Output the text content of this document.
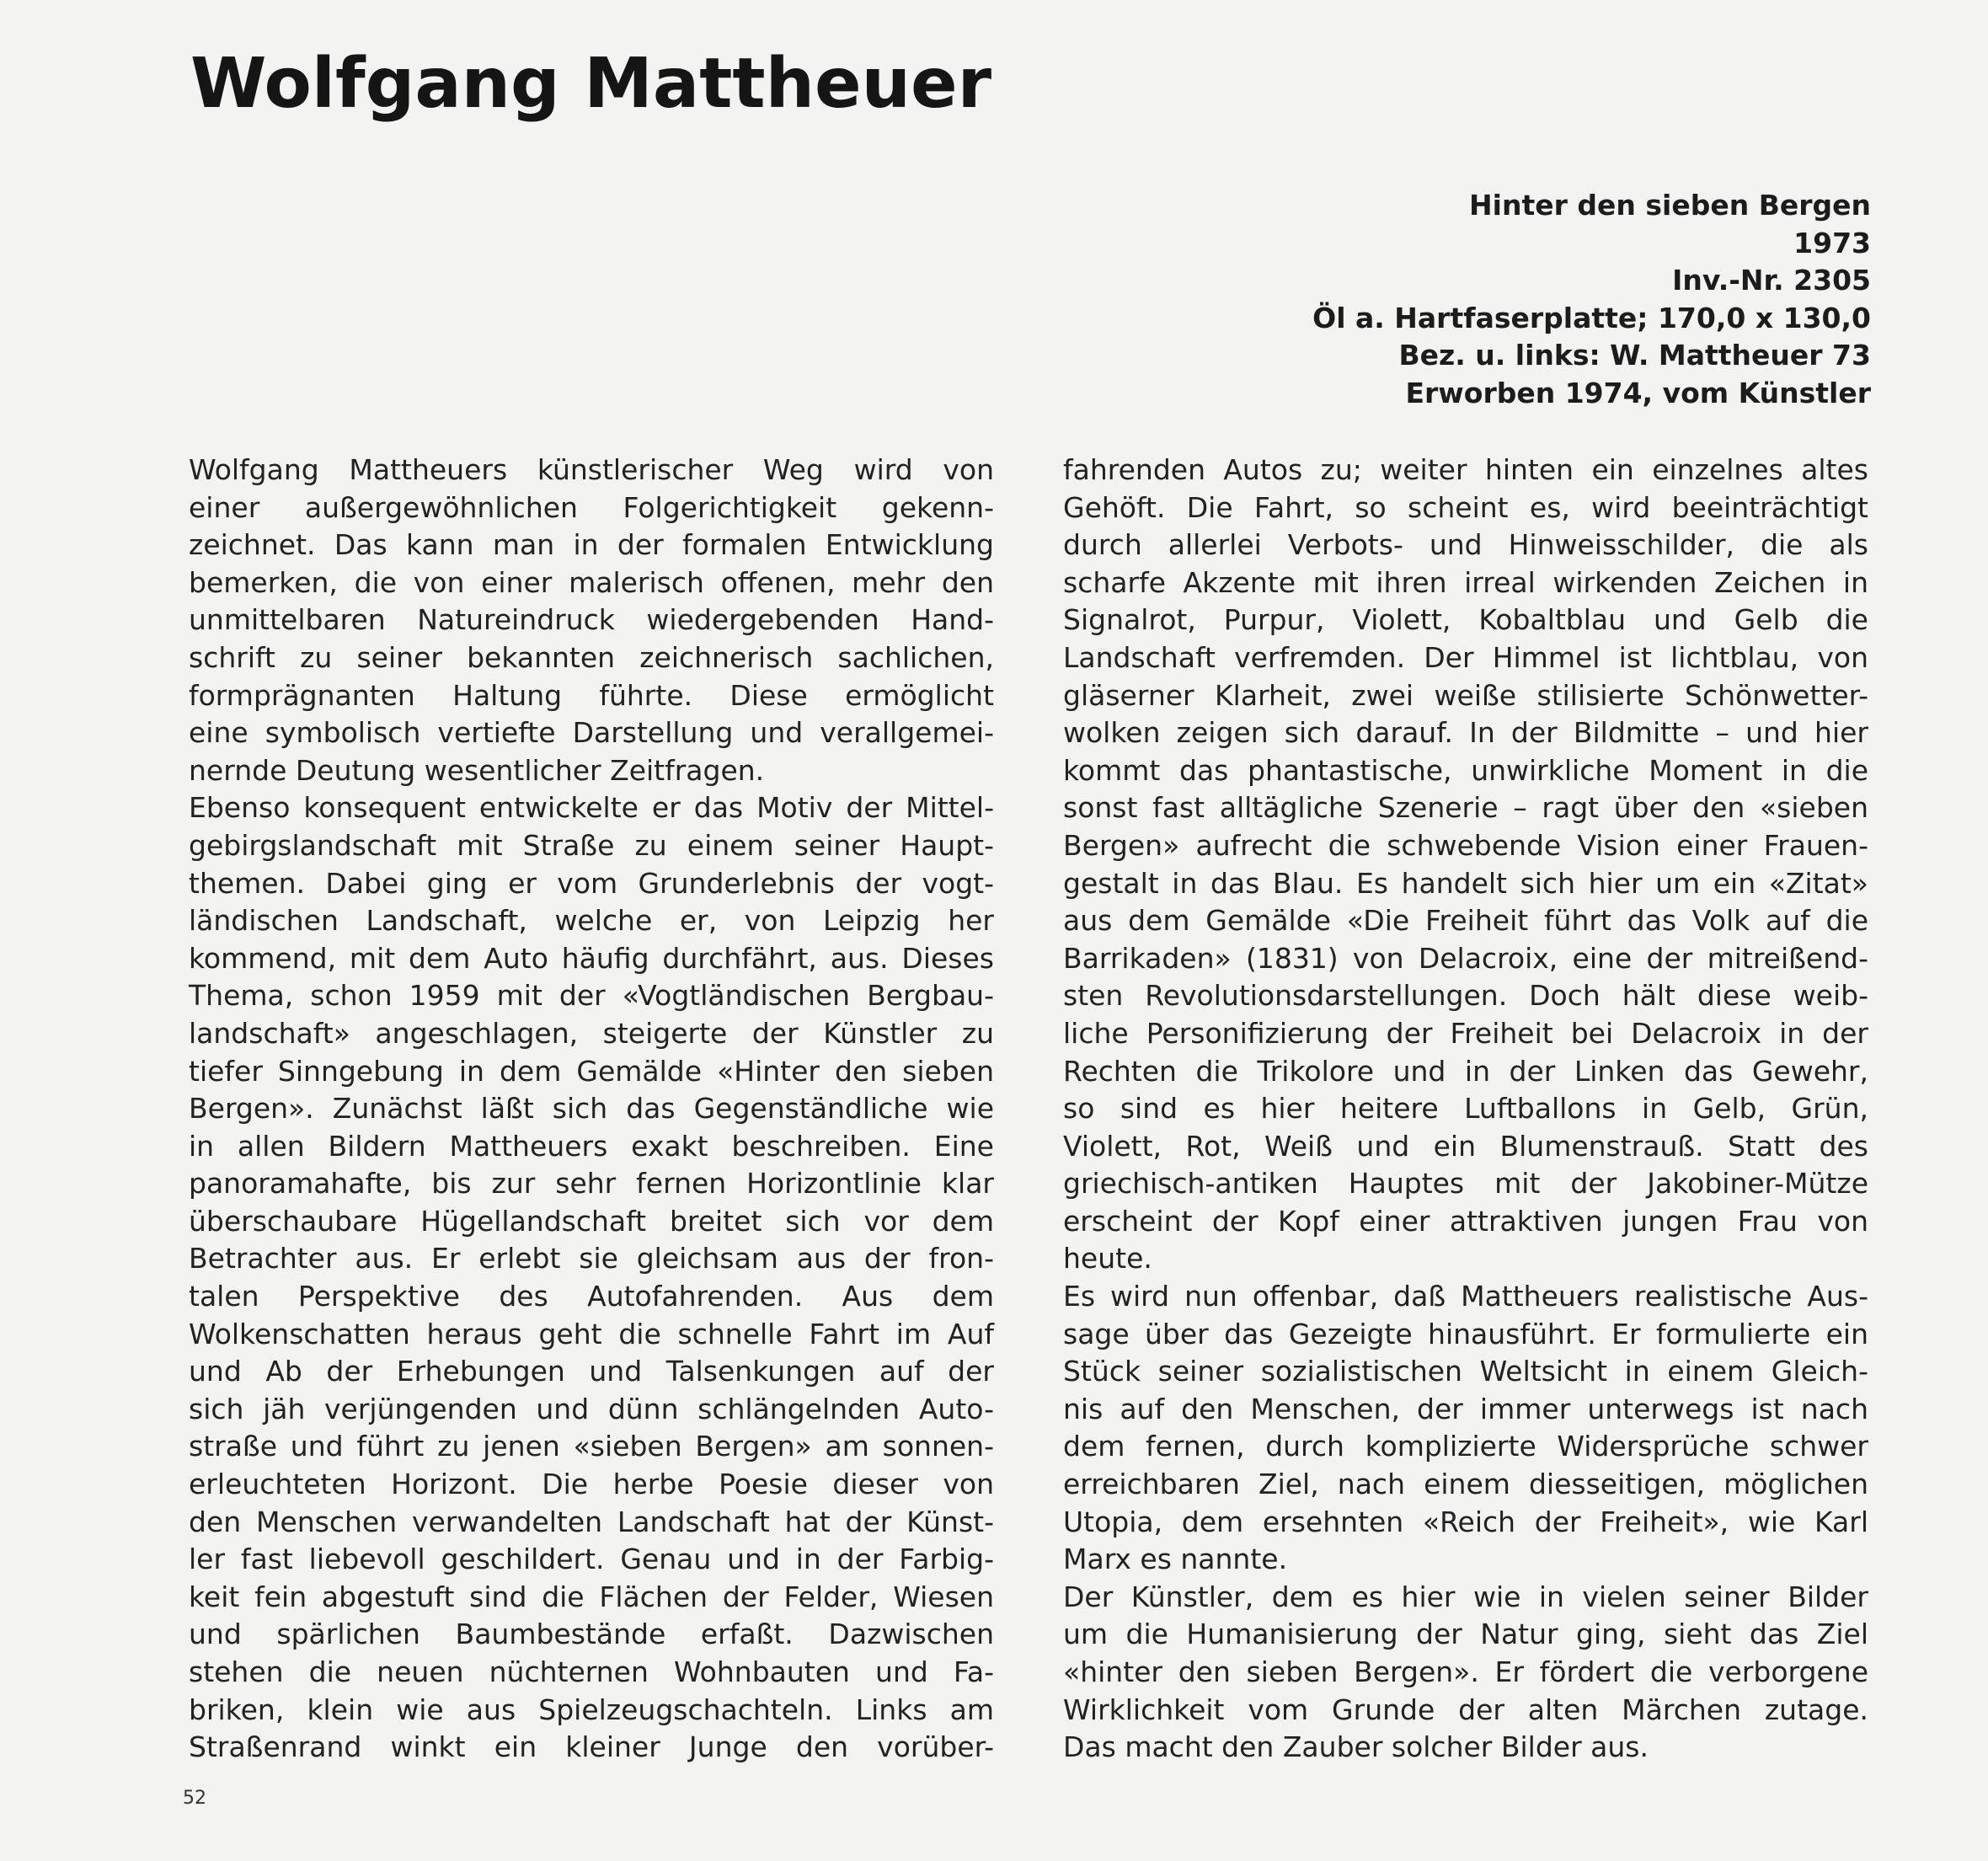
Wolfgang Mattheuer
Hinter den sieben Bergen
1973
Inv.-Nr. 2305
Öl a. Hartfaserplatte; 170,0 x 130,0
Bez. u. links: W. Mattheuer 73
Erworben 1974, vom Künstler
Wolfgang Mattheuers künstlerischer Weg wird von
einer außergewöhnlichen Folgerichtigkeit gekenn-
zeichnet. Das kann man in der formalen Entwicklung
bemerken, die von einer malerisch offenen, mehr den
unmittelbaren Natureindruck wiedergebenden Hand-
schrift zu seiner bekannten zeichnerisch sachlichen,
formprägnanten Haltung führte. Diese ermöglicht
eine symbolisch vertiefte Darstellung und verallgemei-
nernde Deutung wesentlicher Zeitfragen.
Ebenso konsequent entwickelte er das Motiv der Mittel-
gebirgslandschaft mit Straße zu einem seiner Haupt-
themen. Dabei ging er vom Grunderlebnis der vogt-
ländischen Landschaft, welche er, von Leipzig her
kommend, mit dem Auto häufig durchfährt, aus. Dieses
Thema, schon 1959 mit der «Vogtländischen Bergbau-
landschaft» angeschlagen, steigerte der Künstler zu
tiefer Sinngebung in dem Gemälde «Hinter den sieben
Bergen». Zunächst läßt sich das Gegenständliche wie
in allen Bildern Mattheuers exakt beschreiben. Eine
panoramahafte, bis zur sehr fernen Horizontlinie klar
überschaubare Hügellandschaft breitet sich vor dem
Betrachter aus. Er erlebt sie gleichsam aus der fron-
talen Perspektive des Autofahrenden. Aus dem
Wolkenschatten heraus geht die schnelle Fahrt im Auf
und Ab der Erhebungen und Talsenkungen auf der
sich jäh verjüngenden und dünn schlängelnden Auto-
straße und führt zu jenen «sieben Bergen» am sonnen-
erleuchteten Horizont. Die herbe Poesie dieser von
den Menschen verwandelten Landschaft hat der Künst-
ler fast liebevoll geschildert. Genau und in der Farbig-
keit fein abgestuft sind die Flächen der Felder, Wiesen
und spärlichen Baumbestände erfaßt. Dazwischen
stehen die neuen nüchternen Wohnbauten und Fa-
briken, klein wie aus Spielzeugschachteln. Links am
Straßenrand winkt ein kleiner Junge den vorüber-
fahrenden Autos zu; weiter hinten ein einzelnes altes
Gehöft. Die Fahrt, so scheint es, wird beeinträchtigt
durch allerlei Verbots- und Hinweisschilder, die als
scharfe Akzente mit ihren irreal wirkenden Zeichen in
Signalrot, Purpur, Violett, Kobaltblau und Gelb die
Landschaft verfremden. Der Himmel ist lichtblau, von
gläserner Klarheit, zwei weiße stilisierte Schönwetter-
wolken zeigen sich darauf. In der Bildmitte – und hier
kommt das phantastische, unwirkliche Moment in die
sonst fast alltägliche Szenerie – ragt über den «sieben
Bergen» aufrecht die schwebende Vision einer Frauen-
gestalt in das Blau. Es handelt sich hier um ein «Zitat»
aus dem Gemälde «Die Freiheit führt das Volk auf die
Barrikaden» (1831) von Delacroix, eine der mitreißend-
sten Revolutionsdarstellungen. Doch hält diese weib-
liche Personifizierung der Freiheit bei Delacroix in der
Rechten die Trikolore und in der Linken das Gewehr,
so sind es hier heitere Luftballons in Gelb, Grün,
Violett, Rot, Weiß und ein Blumenstrauß. Statt des
griechisch-antiken Hauptes mit der Jakobiner-Mütze
erscheint der Kopf einer attraktiven jungen Frau von
heute.
Es wird nun offenbar, daß Mattheuers realistische Aus-
sage über das Gezeigte hinausführt. Er formulierte ein
Stück seiner sozialistischen Weltsicht in einem Gleich-
nis auf den Menschen, der immer unterwegs ist nach
dem fernen, durch komplizierte Widersprüche schwer
erreichbaren Ziel, nach einem diesseitigen, möglichen
Utopia, dem ersehnten «Reich der Freiheit», wie Karl
Marx es nannte.
Der Künstler, dem es hier wie in vielen seiner Bilder
um die Humanisierung der Natur ging, sieht das Ziel
«hinter den sieben Bergen». Er fördert die verborgene
Wirklichkeit vom Grunde der alten Märchen zutage.
Das macht den Zauber solcher Bilder aus.
52
